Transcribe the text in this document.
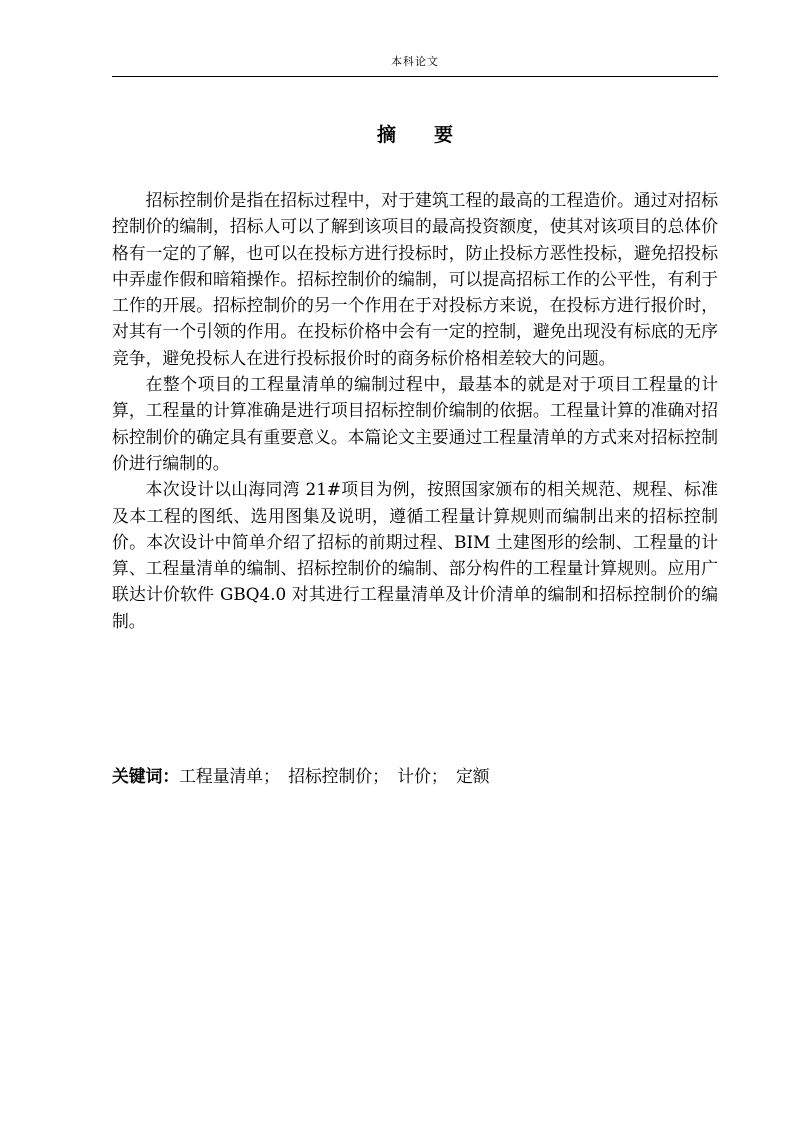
本科论文
摘　　要

招标控制价是指在招标过程中，对于建筑工程的最高的工程造价。通过对招标控制价的编制，招标人可以了解到该项目的最高投资额度，使其对该项目的总体价格有一定的了解，也可以在投标方进行投标时，防止投标方恶性投标，避免招投标中弄虚作假和暗箱操作。招标控制价的编制，可以提高招标工作的公平性，有利于工作的开展。招标控制价的另一个作用在于对投标方来说，在投标方进行报价时，对其有一个引领的作用。在投标价格中会有一定的控制，避免出现没有标底的无序竞争，避免投标人在进行投标报价时的商务标价格相差较大的问题。

在整个项目的工程量清单的编制过程中，最基本的就是对于项目工程量的计算，工程量的计算准确是进行项目招标控制价编制的依据。工程量计算的准确对招标控制价的确定具有重要意义。本篇论文主要通过工程量清单的方式来对招标控制价进行编制的。

本次设计以山海同湾 21#项目为例，按照国家颁布的相关规范、规程、标准及本工程的图纸、选用图集及说明，遵循工程量计算规则而编制出来的招标控制价。本次设计中简单介绍了招标的前期过程、BIM 土建图形的绘制、工程量的计算、工程量清单的编制、招标控制价的编制、部分构件的工程量计算规则。应用广联达计价软件 GBQ4.0 对其进行工程量清单及计价清单的编制和招标控制价的编制。

关键词：工程量清单；　招标控制价；　计价；　定额
